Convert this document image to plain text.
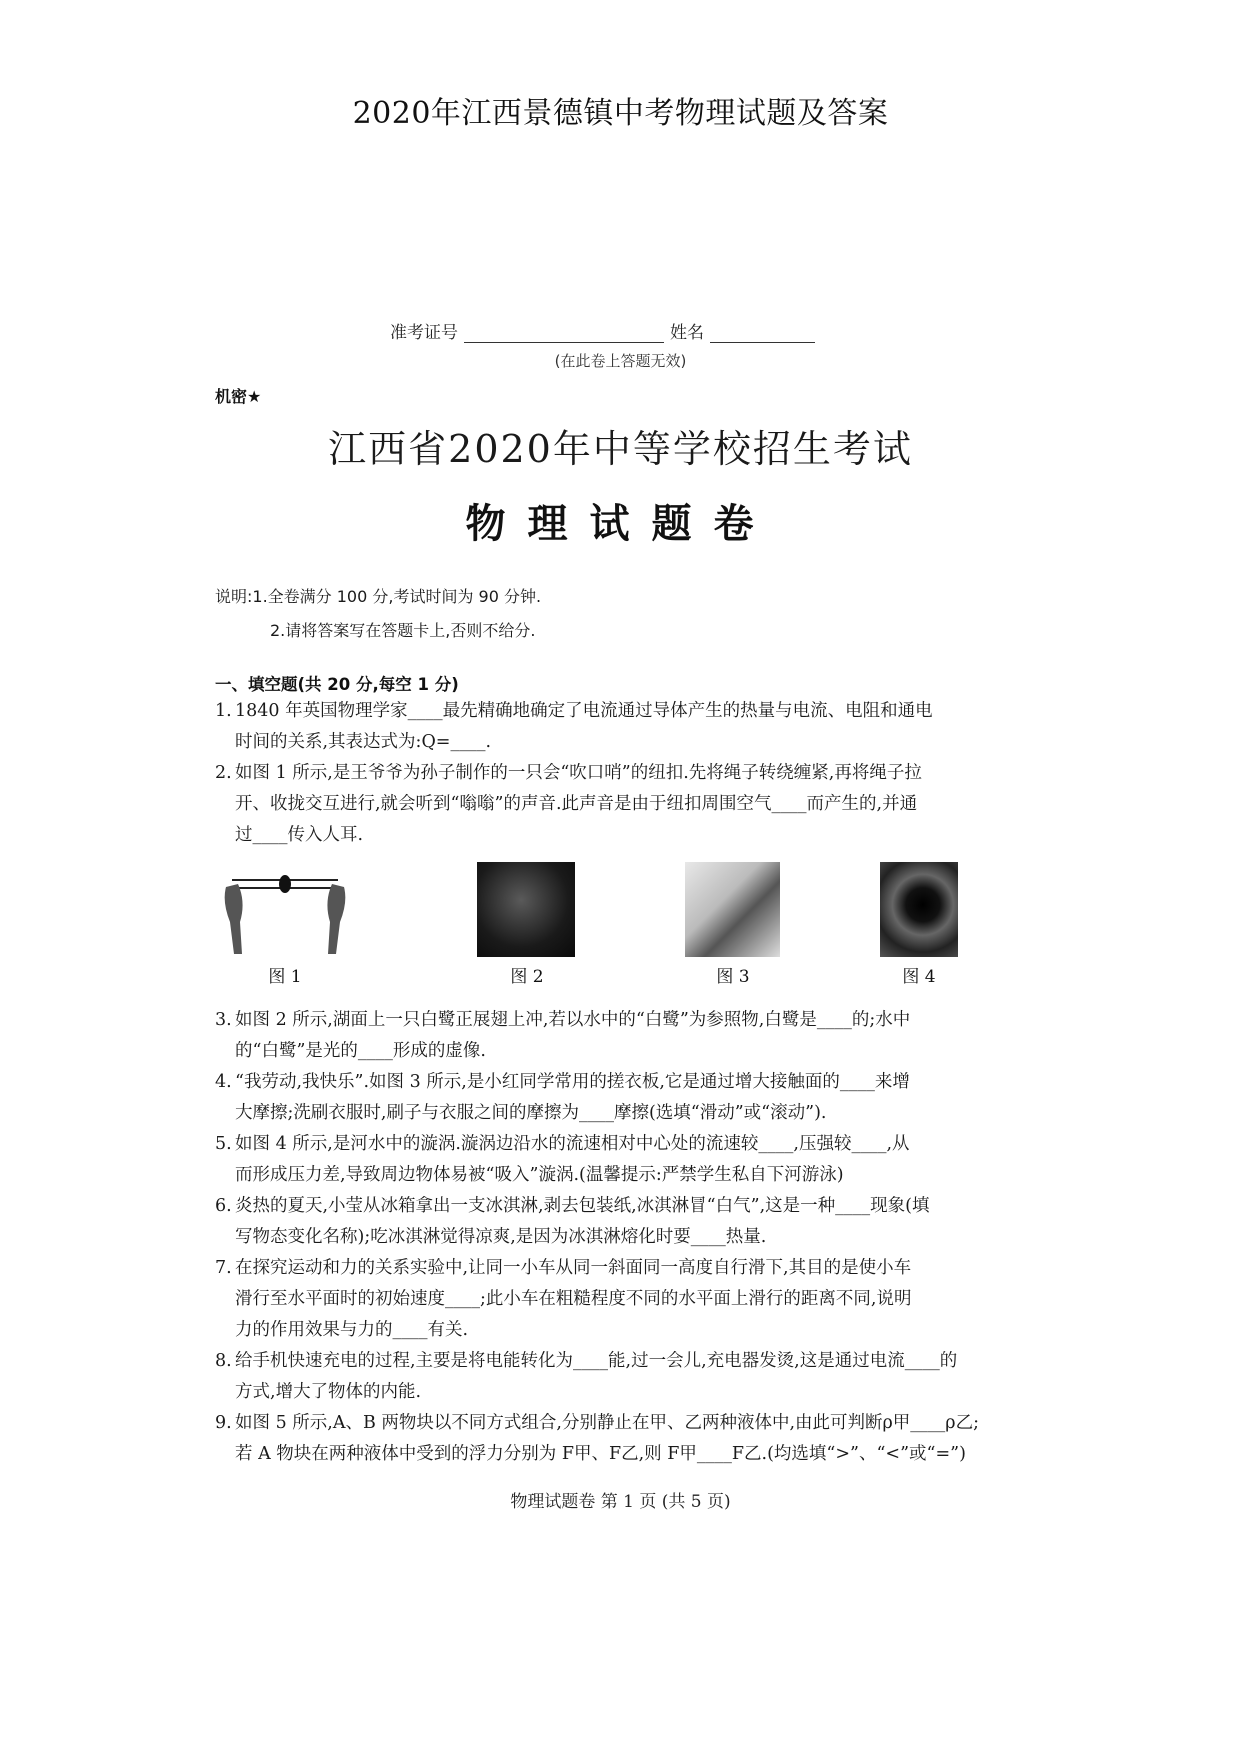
2020年江西景德镇中考物理试题及答案
准考证号	姓名
(在此卷上答题无效)
机密★
江西省2020年中等学校招生考试
物理试题卷
说明:1.全卷满分 100 分,考试时间为 90 分钟.
2.请将答案写在答题卡上,否则不给分.
一、填空题(共 20 分,每空 1 分)
1. 1840 年英国物理学家____最先精确地确定了电流通过导体产生的热量与电流、电阻和通电
时间的关系,其表达式为:Q=____.
2. 如图 1 所示,是王爷爷为孙子制作的一只会“吹口哨”的纽扣.先将绳子转绕缠紧,再将绳子拉
开、收拢交互进行,就会听到“嗡嗡”的声音.此声音是由于纽扣周围空气____而产生的,并通
过____传入人耳.
图 1	图 2	图 3	图 4
3. 如图 2 所示,湖面上一只白鹭正展翅上冲,若以水中的“白鹭”为参照物,白鹭是____的;水中
的“白鹭”是光的____形成的虚像.
4. “我劳动,我快乐”.如图 3 所示,是小红同学常用的搓衣板,它是通过增大接触面的____来增
大摩擦;洗刷衣服时,刷子与衣服之间的摩擦为____摩擦(选填“滑动”或“滚动”).
5. 如图 4 所示,是河水中的漩涡.漩涡边沿水的流速相对中心处的流速较____,压强较____,从
而形成压力差,导致周边物体易被“吸入”漩涡.(温馨提示:严禁学生私自下河游泳)
6. 炎热的夏天,小莹从冰箱拿出一支冰淇淋,剥去包装纸,冰淇淋冒“白气”,这是一种____现象(填
写物态变化名称);吃冰淇淋觉得凉爽,是因为冰淇淋熔化时要____热量.
7. 在探究运动和力的关系实验中,让同一小车从同一斜面同一高度自行滑下,其目的是使小车
滑行至水平面时的初始速度____;此小车在粗糙程度不同的水平面上滑行的距离不同,说明
力的作用效果与力的____有关.
8. 给手机快速充电的过程,主要是将电能转化为____能,过一会儿,充电器发烫,这是通过电流____的
方式,增大了物体的内能.
9. 如图 5 所示,A、B 两物块以不同方式组合,分别静止在甲、乙两种液体中,由此可判断ρ甲____ρ乙;
若 A 物块在两种液体中受到的浮力分别为 F甲、F乙,则 F甲____F乙.(均选填“>”、“<”或“=”)
物理试题卷 第 1 页 (共 5 页)
